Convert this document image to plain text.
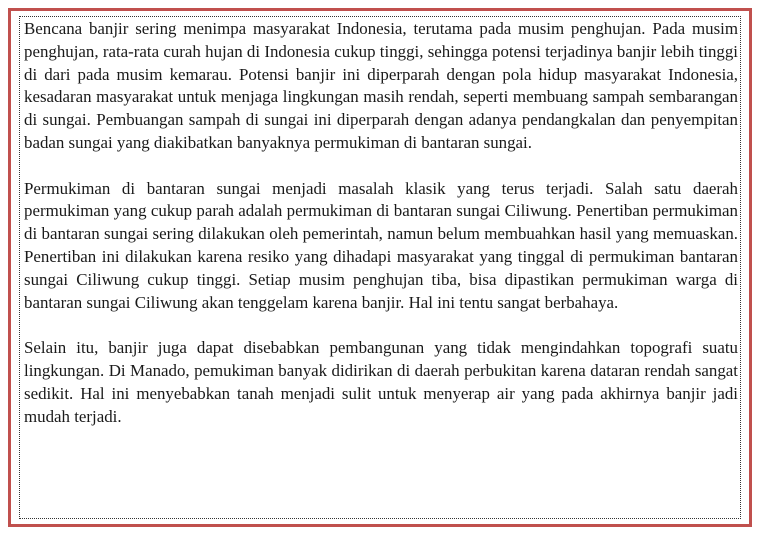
Bencana banjir sering menimpa masyarakat Indonesia, terutama pada musim penghujan. Pada musim penghujan, rata-rata curah hujan di Indonesia cukup tinggi, sehingga potensi terjadinya banjir lebih tinggi di dari pada musim kemarau. Potensi banjir ini diperparah dengan pola hidup masyarakat Indonesia, kesadaran masyarakat untuk menjaga lingkungan masih rendah, seperti membuang sampah sembarangan di sungai. Pembuangan sampah di sungai ini diperparah dengan adanya pendangkalan dan penyempitan badan sungai yang diakibatkan banyaknya permukiman di bantaran sungai.

Permukiman di bantaran sungai menjadi masalah klasik yang terus terjadi. Salah satu daerah permukiman yang cukup parah adalah permukiman di bantaran sungai Ciliwung. Penertiban permukiman di bantaran sungai sering dilakukan oleh pemerintah, namun belum membuahkan hasil yang memuaskan. Penertiban ini dilakukan karena resiko yang dihadapi masyarakat yang tinggal di permukiman bantaran sungai Ciliwung cukup tinggi. Setiap musim penghujan tiba, bisa dipastikan permukiman warga di bantaran sungai Ciliwung akan tenggelam karena banjir. Hal ini tentu sangat berbahaya.

Selain itu, banjir juga dapat disebabkan pembangunan yang tidak mengindahkan topografi suatu lingkungan. Di Manado, pemukiman banyak didirikan di daerah perbukitan karena dataran rendah sangat sedikit. Hal ini menyebabkan tanah menjadi sulit untuk menyerap air yang pada akhirnya banjir jadi mudah terjadi.
